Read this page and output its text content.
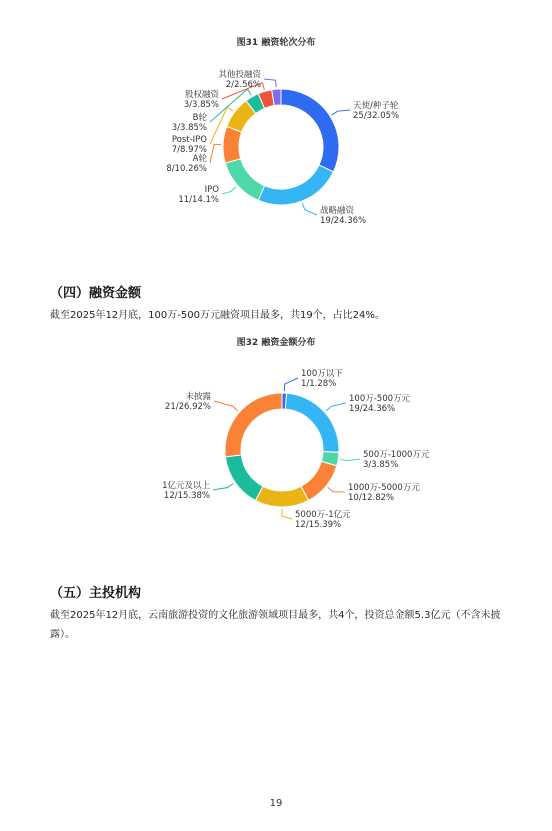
图31 融资轮次分布
天使/种子轮
25/32.05%
战略融资
19/24.36%
IPO
11/14.1%
A轮
8/10.26%
Post-IPO
7/8.97%
B轮
3/3.85%
股权融资
3/3.85%
其他投融资
2/2.56%
（四）融资金额
截至2025年12月底，100万-500万元融资项目最多，共19个，占比24%。
图32 融资金额分布
100万以下
1/1.28%
100万-500万元
19/24.36%
500万-1000万元
3/3.85%
1000万-5000万元
10/12.82%
5000万-1亿元
12/15.39%
1亿元及以上
12/15.38%
未披露
21/26.92%
（五）主投机构
截至2025年12月底，云南旅游投资的文化旅游领域项目最多，共4个，投资总金额5.3亿元（不含未披露）。
19
